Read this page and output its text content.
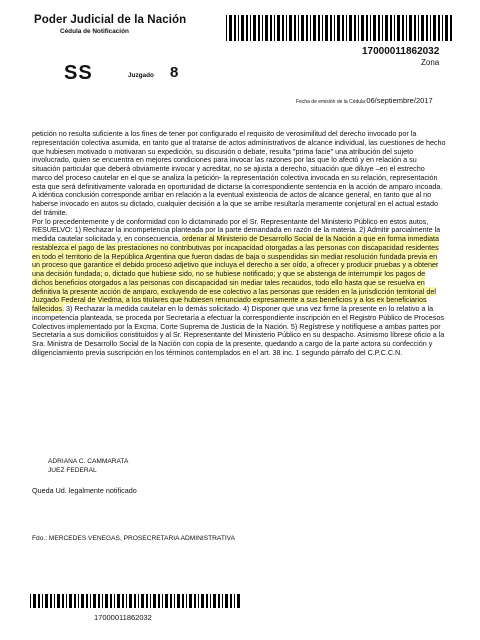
Poder Judicial de la Nación
Cédula de Notificación
17000011862032
Zona
SS	Juzgado 8
Fecha de emisión de la Cédula:06/septiembre/2017
petición no resulta suficiente a los fines de tener por configurado el requisito de verosimilitud del derecho invocado por la representación colectiva asumida, en tanto que al tratarse de actos administrativos de alcance individual, las cuestiones de hecho que hubiesen motivado o motivaran su expedición, su discusión o debate, resulta "prima facie" una atribución del sujeto involucrado, quien se encuentra en mejores condiciones para invocar las razones por las que lo afectó y en relación a su situación particular que deberá obviamente invocar y acreditar, no se ajusta a derecho, situación que diluye –en el estrecho marco del proceso cautelar en el que se analiza la petición- la representación colectiva invocada en su relación, representación esta que será definitivamente valorada en oportunidad de dictarse la correspondiente sentencia en la acción de amparo incoada.
A idéntica conclusión corresponde arribar en relación a la eventual existencia de actos de alcance general, en tanto que al no haberse invocado en autos su dictado, cualquier decisión a la que se arribe resultaría meramente conjetural en el actual estado del trámite.
Por lo precedentemente y de conformidad con lo dictaminado por el Sr. Representante del Ministerio Público en estos autos, RESUELVO: 1) Rechazar la incompetencia planteada por la parte demandada en razón de la materia. 2) Admitir parcialmente la medida cautelar solicitada y, en consecuencia, ordenar al Ministerio de Desarrollo Social de la Nación a que en forma inmediata restablezca el pago de las prestaciones no contributivas por incapacidad otorgadas a las personas con discapacidad residentes en todo el territorio de la República Argentina que fueron dadas de baja o suspendidas sin mediar resolución fundada previa en un proceso que garantice el debido proceso adjetivo que incluya el derecho a ser oído, a ofrecer y producir pruebas y a obtener una decisión fundada; o, dictado que hubiese sido, no se hubiese notificado; y que se abstenga de interrumpir los pagos de dichos beneficios otorgados a las personas con discapacidad sin mediar tales recaudos, todo ello hasta que se resuelva en definitiva la presente acción de amparo, excluyendo de ese colectivo a las personas que residen en la jurisdicción territorial del Juzgado Federal de Viedma, a los titulares que hubiesen renunciado expresamente a sus beneficios y a los ex beneficiarios fallecidos. 3) Rechazar la medida cautelar en lo demás solicitado. 4) Disponer que una vez firme la presente en lo relativo a la incompetencia planteada, se proceda por Secretaría a efectuar la correspondiente inscripción en el Registro Público de Procesos Colectivos implementado por la Excma. Corte Suprema de Justicia de la Nación. 5) Regístrese y notifíquese a ambas partes por Secretaría a sus domicilios constituidos y al Sr. Representante del Ministerio Público en su despacho. Asimismo líbrese oficio a la Sra. Ministra de Desarrollo Social de la Nación con copia de la presente, quedando a cargo de la parte actora su confección y diligenciamiento previa suscripción en los términos contemplados en el art. 38 inc. 1 segundo párrafo del C.P.C.C.N.
ADRIANA C. CAMMARATA
JUEZ FEDERAL
Queda Ud. legalmente notificado
Fdo.: MERCEDES VENEGAS, PROSECRETARIA ADMINISTRATIVA
17000011862032
